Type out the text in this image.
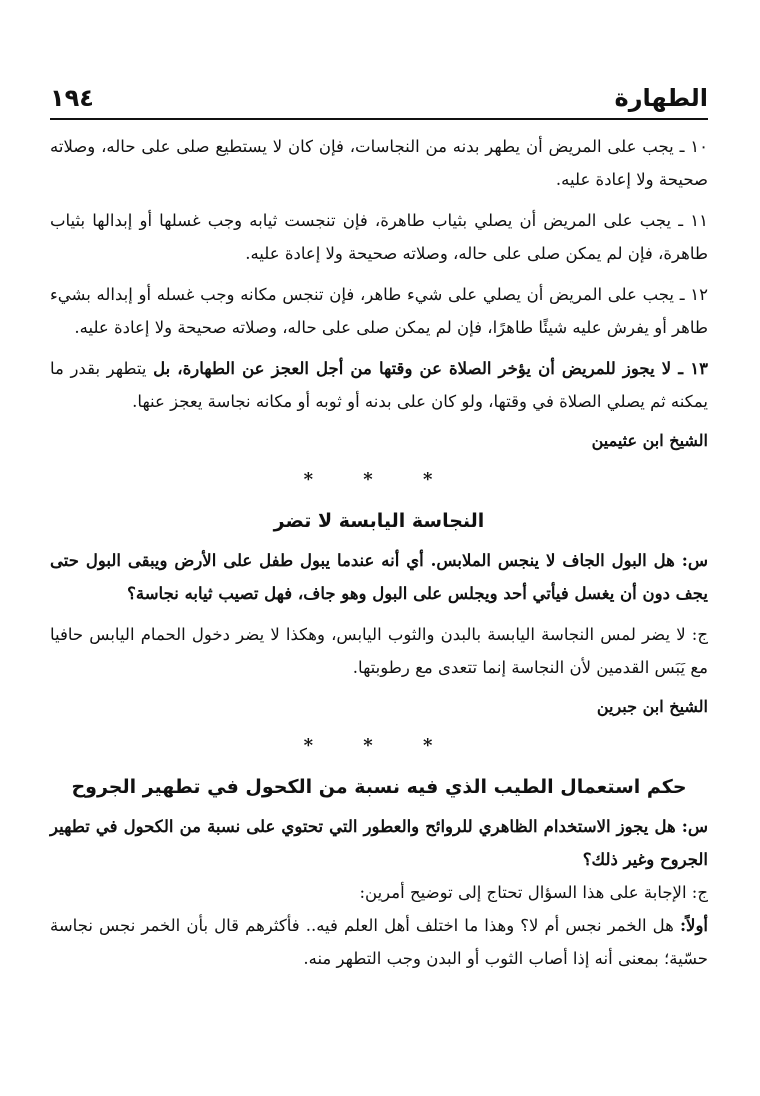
الطهارة
١٩٤

١٠ ـ يجب على المريض أن يطهر بدنه من النجاسات، فإن كان لا يستطيع صلى على حاله، وصلاته صحيحة ولا إعادة عليه.

١١ ـ يجب على المريض أن يصلي بثياب طاهرة، فإن تنجست ثيابه وجب غسلها أو إبدالها بثياب طاهرة، فإن لم يمكن صلى على حاله، وصلاته صحيحة ولا إعادة عليه.

١٢ ـ يجب على المريض أن يصلي على شيء طاهر، فإن تنجس مكانه وجب غسله أو إبداله بشيء طاهر أو يفرش عليه شيئًا طاهرًا، فإن لم يمكن صلى على حاله، وصلاته صحيحة ولا إعادة عليه.

١٣ ـ لا يجوز للمريض أن يؤخر الصلاة عن وقتها من أجل العجز عن الطهارة، بل يتطهر بقدر ما يمكنه ثم يصلي الصلاة في وقتها، ولو كان على بدنه أو ثوبه أو مكانه نجاسة يعجز عنها.

الشيخ ابن عثيمين
* * *
النجاسة اليابسة لا تضر

س: هل البول الجاف لا ينجس الملابس. أي أنه عندما يبول طفل على الأرض ويبقى البول حتى يجف دون أن يغسل فيأتي أحد ويجلس على البول وهو جاف، فهل تصيب ثيابه نجاسة؟

ج: لا يضر لمس النجاسة اليابسة بالبدن والثوب اليابس، وهكذا لا يضر دخول الحمام اليابس حافيا مع يَبَس القدمين لأن النجاسة إنما تتعدى مع رطوبتها.

الشيخ ابن جبرين
* * *
حكم استعمال الطيب الذي فيه نسبة من الكحول في تطهير الجروح

س: هل يجوز الاستخدام الظاهري للروائح والعطور التي تحتوي على نسبة من الكحول في تطهير الجروح وغير ذلك؟

ج: الإجابة على هذا السؤال تحتاج إلى توضيح أمرين:

أولاً: هل الخمر نجس أم لا؟ وهذا ما اختلف أهل العلم فيه.. فأكثرهم قال بأن الخمر نجس نجاسة حسّية؛ بمعنى أنه إذا أصاب الثوب أو البدن وجب التطهر منه.
